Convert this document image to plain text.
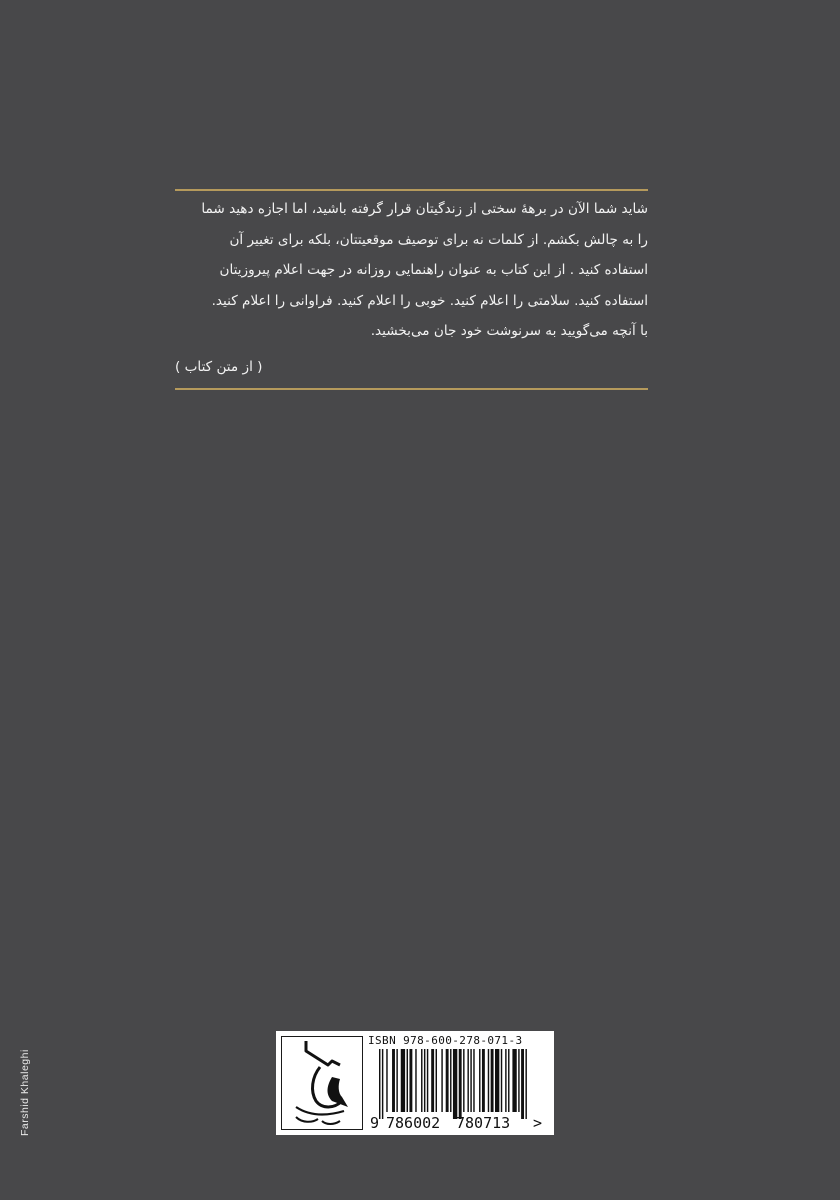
شاید شما الآن در برهۀ سختی از زندگیتان قرار گرفته باشید، اما اجازه دهید شما

را به چالش بکشم. از کلمات نه برای توصیف موقعیتتان، بلکه برای تغییر آن

استفاده کنید . از این کتاب به عنوان راهنمایی روزانه در جهت اعلام پیروزیتان

استفاده کنید. سلامتی را اعلام کنید. خوبی را اعلام کنید. فراوانی را اعلام کنید.

با آنچه می‌گویید به سرنوشت خود جان می‌بخشید.

( از متن کتاب )
Farshid Khaleghi
ISBN 978-600-278-071-3
9 786002 780713 >
